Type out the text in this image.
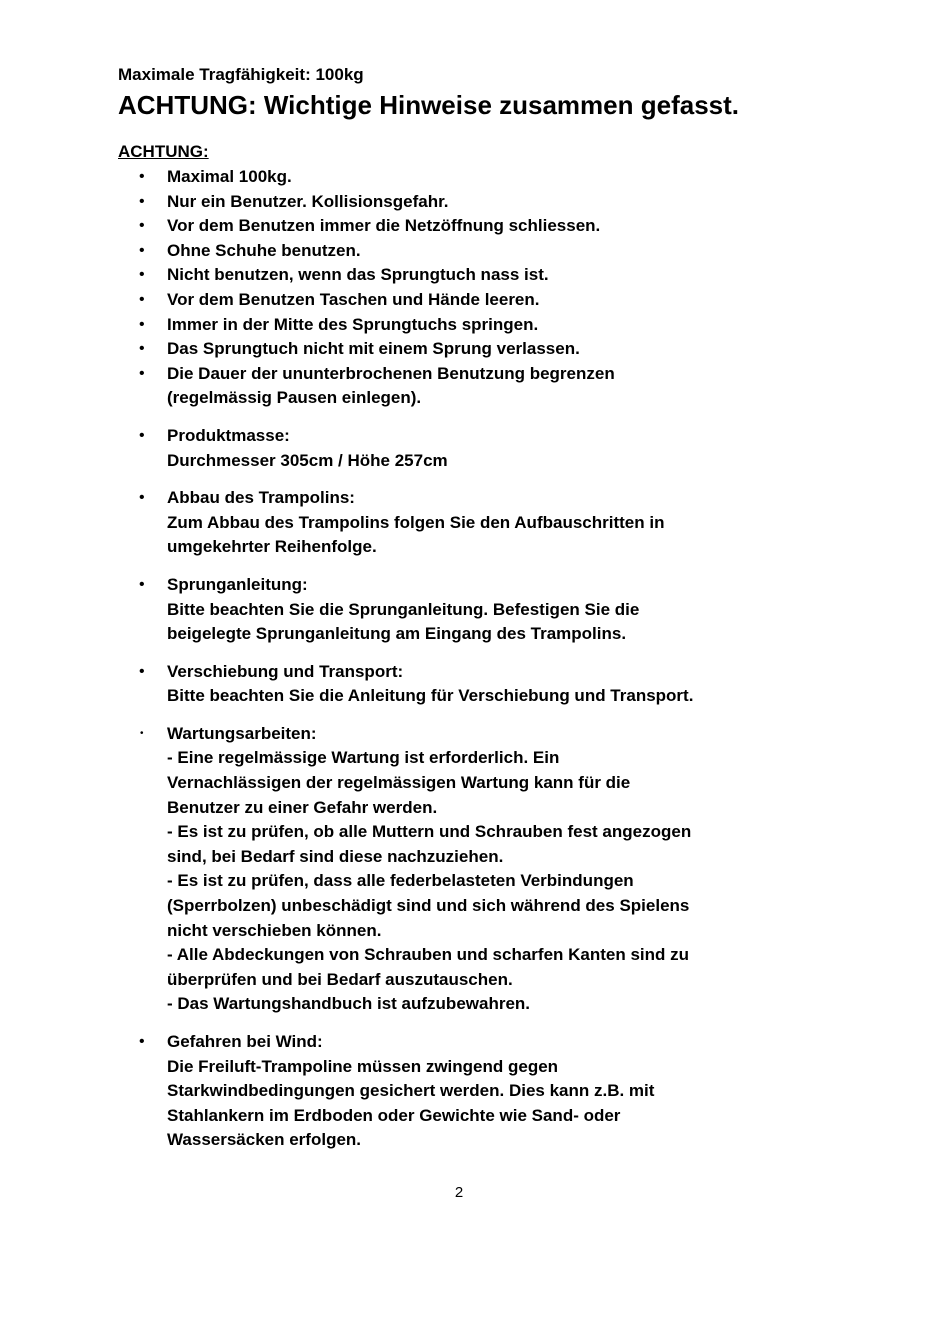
Maximale Tragfähigkeit: 100kg

ACHTUNG: Wichtige Hinweise zusammen gefasst.

ACHTUNG:

• Maximal 100kg.
• Nur ein Benutzer. Kollisionsgefahr.
• Vor dem Benutzen immer die Netzöffnung schliessen.
• Ohne Schuhe benutzen.
• Nicht benutzen, wenn das Sprungtuch nass ist.
• Vor dem Benutzen Taschen und Hände leeren.
• Immer in der Mitte des Sprungtuchs springen.
• Das Sprungtuch nicht mit einem Sprung verlassen.
• Die Dauer der ununterbrochenen Benutzung begrenzen
(regelmässig Pausen einlegen).
• Produktmasse:
Durchmesser 305cm / Höhe 257cm
• Abbau des Trampolins:
Zum Abbau des Trampolins folgen Sie den Aufbauschritten in
umgekehrter Reihenfolge.
• Sprunganleitung:
Bitte beachten Sie die Sprunganleitung. Befestigen Sie die
beigelegte Sprunganleitung am Eingang des Trampolins.
• Verschiebung und Transport:
Bitte beachten Sie die Anleitung für Verschiebung und Transport.
• Wartungsarbeiten:
- Eine regelmässige Wartung ist erforderlich. Ein
Vernachlässigen der regelmässigen Wartung kann für die
Benutzer zu einer Gefahr werden.
- Es ist zu prüfen, ob alle Muttern und Schrauben fest angezogen
sind, bei Bedarf sind diese nachzuziehen.
- Es ist zu prüfen, dass alle federbelasteten Verbindungen
(Sperrbolzen) unbeschädigt sind und sich während des Spielens
nicht verschieben können.
- Alle Abdeckungen von Schrauben und scharfen Kanten sind zu
überprüfen und bei Bedarf auszutauschen.
- Das Wartungshandbuch ist aufzubewahren.
• Gefahren bei Wind:
Die Freiluft-Trampoline müssen zwingend gegen
Starkwindbedingungen gesichert werden. Dies kann z.B. mit
Stahlankern im Erdboden oder Gewichte wie Sand- oder
Wassersäcken erfolgen.
2
